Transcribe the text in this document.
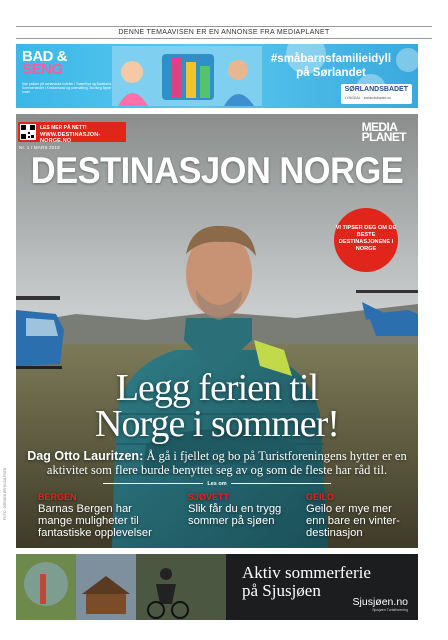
DENNE TEMAAVISEN ER EN ANNONSE FRA MEDIAPLANET
BAD &
SENG
Nye pakker på sørlandske hoteller i Tusenfryd og Badeland. Sommerlandet i Kristiansand og overnatting. Booking åpner snart.
#småbarnsfamilieidyll
på Sørlandet
SØRLANDSBADET
LYNGDAL · sorlandsbadet.no
LES MER PÅ NETT!
WWW.DESTINASJON-NORGE.NO
Nr. 1 / MARS 2018
MEDIA
PLANET
DESTINASJON NORGE
VI TIPSER DEG OM DE BESTE DESTINASJONENE I NORGE
Legg ferien til
Norge i sommer!
Dag Otto Lauritzen: Å gå i fjellet og bo på Turistforeningens hytter er en aktivitet som flere burde benyttet seg av og som de fleste har råd til.
Les om
BERGEN
Barnas Bergen har mange muligheter til fantastiske opplevelser
SJØVETT
Slik får du en trygg sommer på sjøen
GEILO
Geilo er mye mer enn bare en vinter-destinasjon
Aktiv sommerferie
på Sjusjøen
Sjusjøen.no
Sjusjøen Turistforening
FOTO: JØRGEN BRYNJULFSEN
